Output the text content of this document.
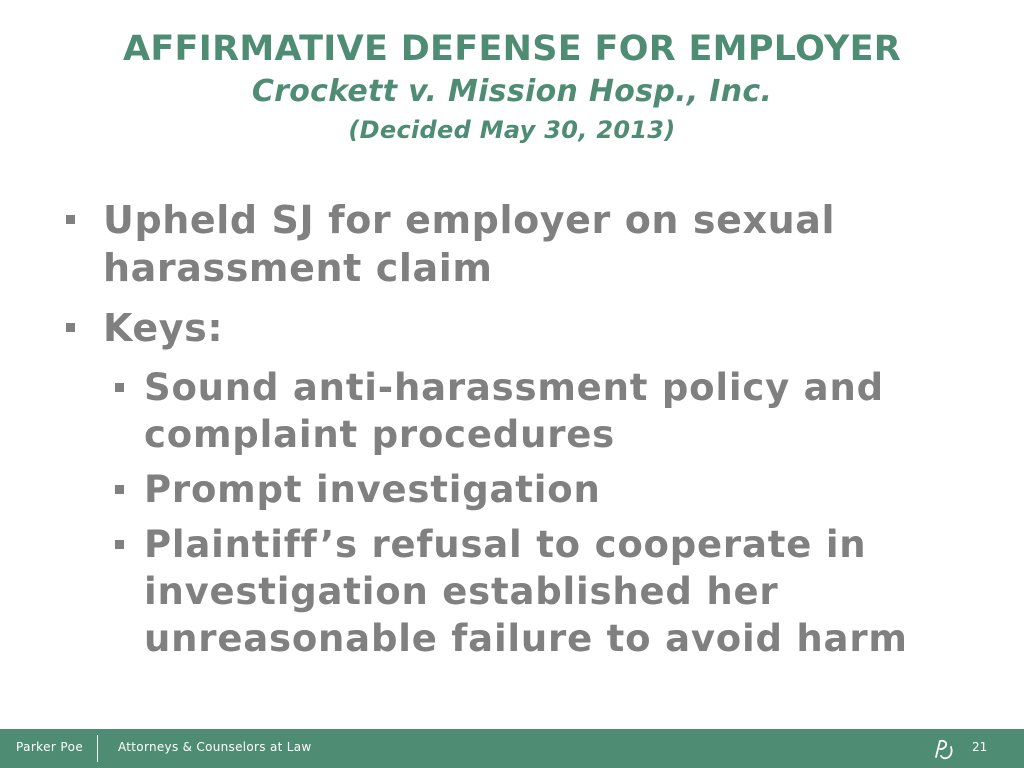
AFFIRMATIVE DEFENSE FOR EMPLOYER
Crockett v. Mission Hosp., Inc.
(Decided May 30, 2013)
Upheld SJ for employer on sexual harassment claim
Keys:
Sound anti-harassment policy and complaint procedures
Prompt investigation
Plaintiff’s refusal to cooperate in investigation established her unreasonable failure to avoid harm
Parker Poe	Attorneys & Counselors at Law	21
